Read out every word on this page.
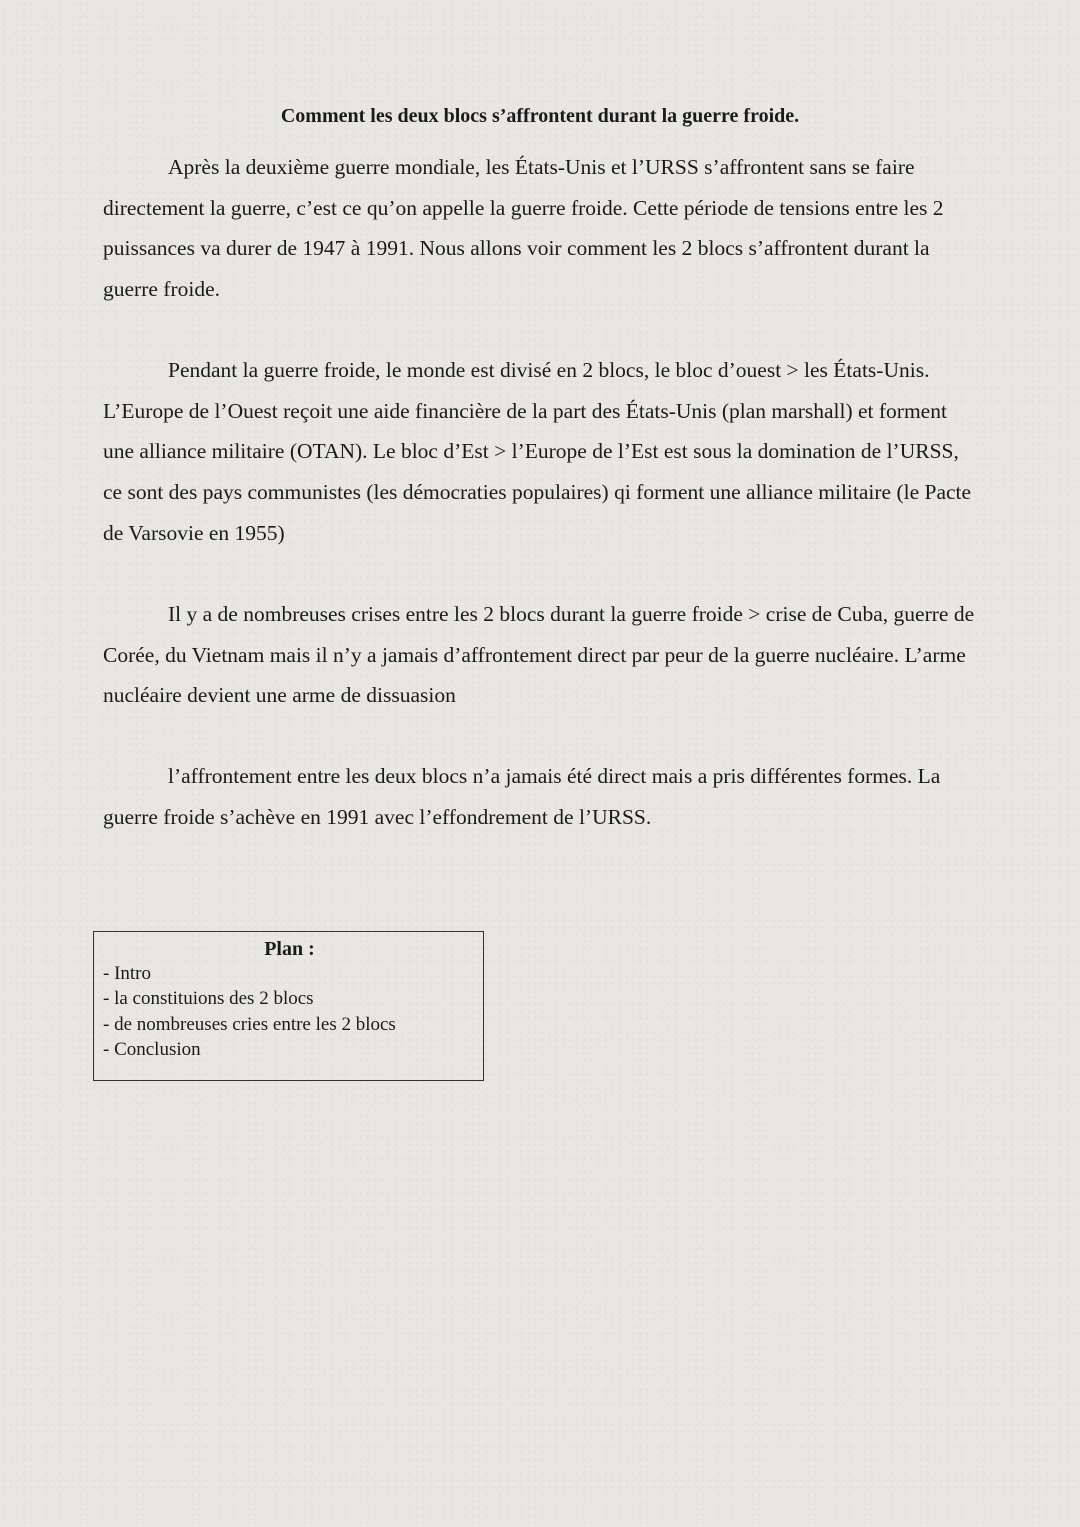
Comment les deux blocs s’affrontent durant la guerre froide.

Après la deuxième guerre mondiale, les États-Unis et l’URSS s’affrontent sans se faire directement la guerre, c’est ce qu’on appelle la guerre froide. Cette période de tensions entre les 2 puissances va durer de 1947 à 1991. Nous allons voir comment les 2 blocs s’affrontent durant la guerre froide.

Pendant la guerre froide, le monde est divisé en 2 blocs, le bloc d’ouest > les États-Unis. L’Europe de l’Ouest reçoit une aide financière de la part des États-Unis (plan marshall) et forment une alliance militaire (OTAN). Le bloc d’Est > l’Europe de l’Est est sous la domination de l’URSS, ce sont des pays communistes (les démocraties populaires) qi forment une alliance militaire (le Pacte de Varsovie en 1955)

Il y a de nombreuses crises entre les 2 blocs durant la guerre froide > crise de Cuba, guerre de Corée, du Vietnam mais il n’y a jamais d’affrontement direct par peur de la guerre nucléaire. L’arme nucléaire devient une arme de dissuasion

l’affrontement entre les deux blocs n’a jamais été direct mais a pris différentes formes. La guerre froide s’achève en 1991 avec l’effondrement de l’URSS.

Plan :
- Intro
- la constituions des 2 blocs
- de nombreuses cries entre les 2 blocs
- Conclusion
